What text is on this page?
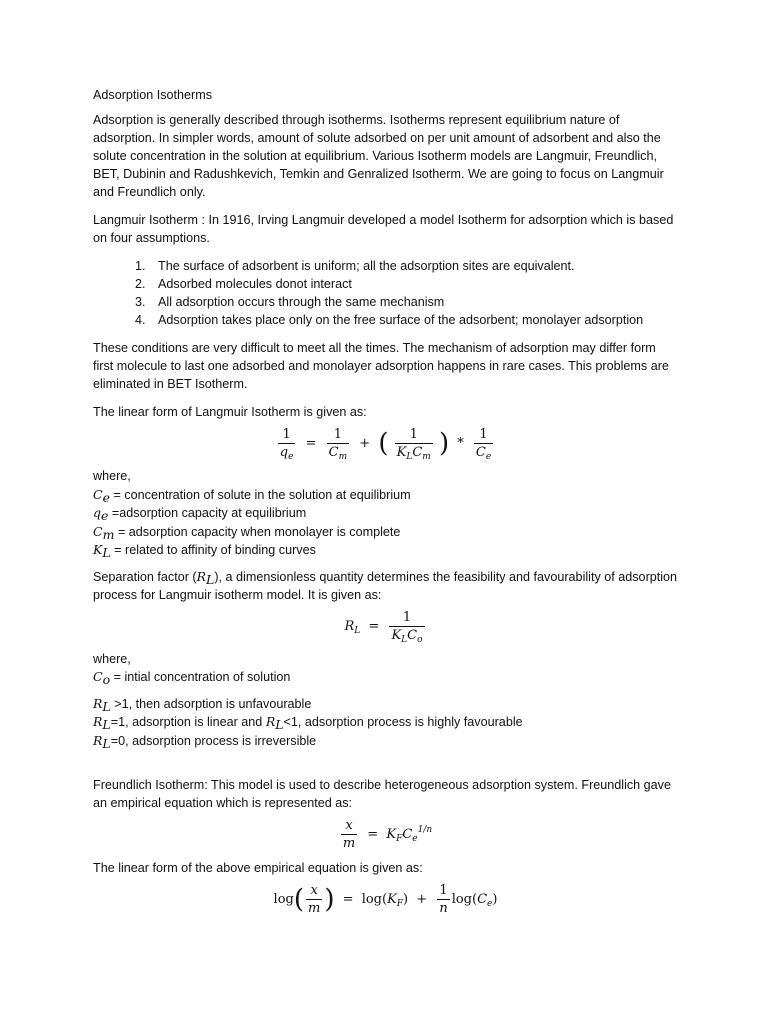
Adsorption Isotherms

Adsorption is generally described through isotherms. Isotherms represent equilibrium nature of adsorption. In simpler words, amount of solute adsorbed on per unit amount of adsorbent and also the solute concentration in the solution at equilibrium. Various Isotherm models are Langmuir, Freundlich, BET, Dubinin and Radushkevich, Temkin and Genralized Isotherm. We are going to focus on Langmuir and Freundlich only.

Langmuir Isotherm : In 1916, Irving Langmuir developed a model Isotherm for adsorption which is based on four assumptions.

1. The surface of adsorbent is uniform; all the adsorption sites are equivalent.
2. Adsorbed molecules donot interact
3. All adsorption occurs through the same mechanism
4. Adsorption takes place only on the free surface of the adsorbent; monolayer adsorption

These conditions are very difficult to meet all the times. The mechanism of adsorption may differ form first molecule to last one adsorbed and monolayer adsorption happens in rare cases. This problems are eliminated in BET Isotherm.

The linear form of Langmuir Isotherm is given as:

$\frac{1}{q_e} = \frac{1}{C_m}$ + ( $\frac{1}{K_LC_m}$ ) * $\frac{1}{C_e}$

where,

$C_e$ = concentration of solute in the solution at equilibrium

$q_e$ =adsorption capacity at equilibrium

$C_m$ = adsorption capacity when monolayer is complete

$K_L$ = related to affinity of binding curves

Separation factor $(R_L)$, a dimensionless quantity determines the feasibility and favourability of adsorption process for Langmuir isotherm model. It is given as:

$R_L = \frac{1}{K_LC_o}$

where,

$C_o$ = intial concentration of solution

$R_L >1$, then adsorption is unfavourable

$R_L=1$, adsorption is linear and $R_L<1$, adsorption process is highly favourable

$R_L=0$, adsorption process is irreversible

Freundlich Isotherm: This model is used to describe heterogeneous adsorption system. Freundlich gave an empirical equation which is represented as:

$\frac{x}{m} = K_FC_e^{1/n}$

The linear form of the above empirical equation is given as:

$\log( \frac{x}{m}$ ) = $\log(K_F) + \frac{1}{n} \log(C_e)$
